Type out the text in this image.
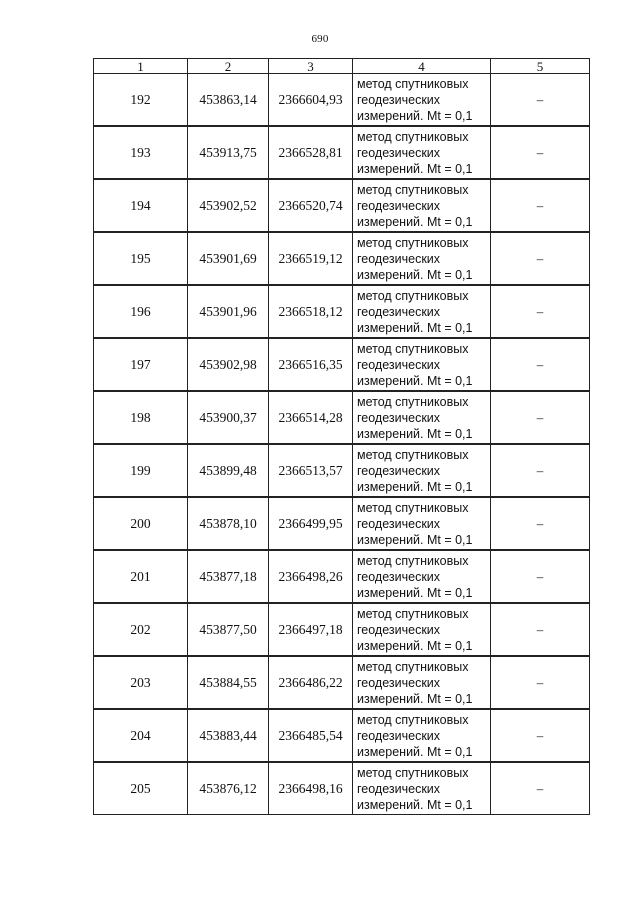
690
1	2	3	4	5
192	453863,14	2366604,93	метод спутниковых
геодезических
измерений. Mt = 0,1	–
193	453913,75	2366528,81	метод спутниковых
геодезических
измерений. Mt = 0,1	–
194	453902,52	2366520,74	метод спутниковых
геодезических
измерений. Mt = 0,1	–
195	453901,69	2366519,12	метод спутниковых
геодезических
измерений. Mt = 0,1	–
196	453901,96	2366518,12	метод спутниковых
геодезических
измерений. Mt = 0,1	–
197	453902,98	2366516,35	метод спутниковых
геодезических
измерений. Mt = 0,1	–
198	453900,37	2366514,28	метод спутниковых
геодезических
измерений. Mt = 0,1	–
199	453899,48	2366513,57	метод спутниковых
геодезических
измерений. Mt = 0,1	–
200	453878,10	2366499,95	метод спутниковых
геодезических
измерений. Mt = 0,1	–
201	453877,18	2366498,26	метод спутниковых
геодезических
измерений. Mt = 0,1	–
202	453877,50	2366497,18	метод спутниковых
геодезических
измерений. Mt = 0,1	–
203	453884,55	2366486,22	метод спутниковых
геодезических
измерений. Mt = 0,1	–
204	453883,44	2366485,54	метод спутниковых
геодезических
измерений. Mt = 0,1	–
205	453876,12	2366498,16	метод спутниковых
геодезических
измерений. Mt = 0,1	–
